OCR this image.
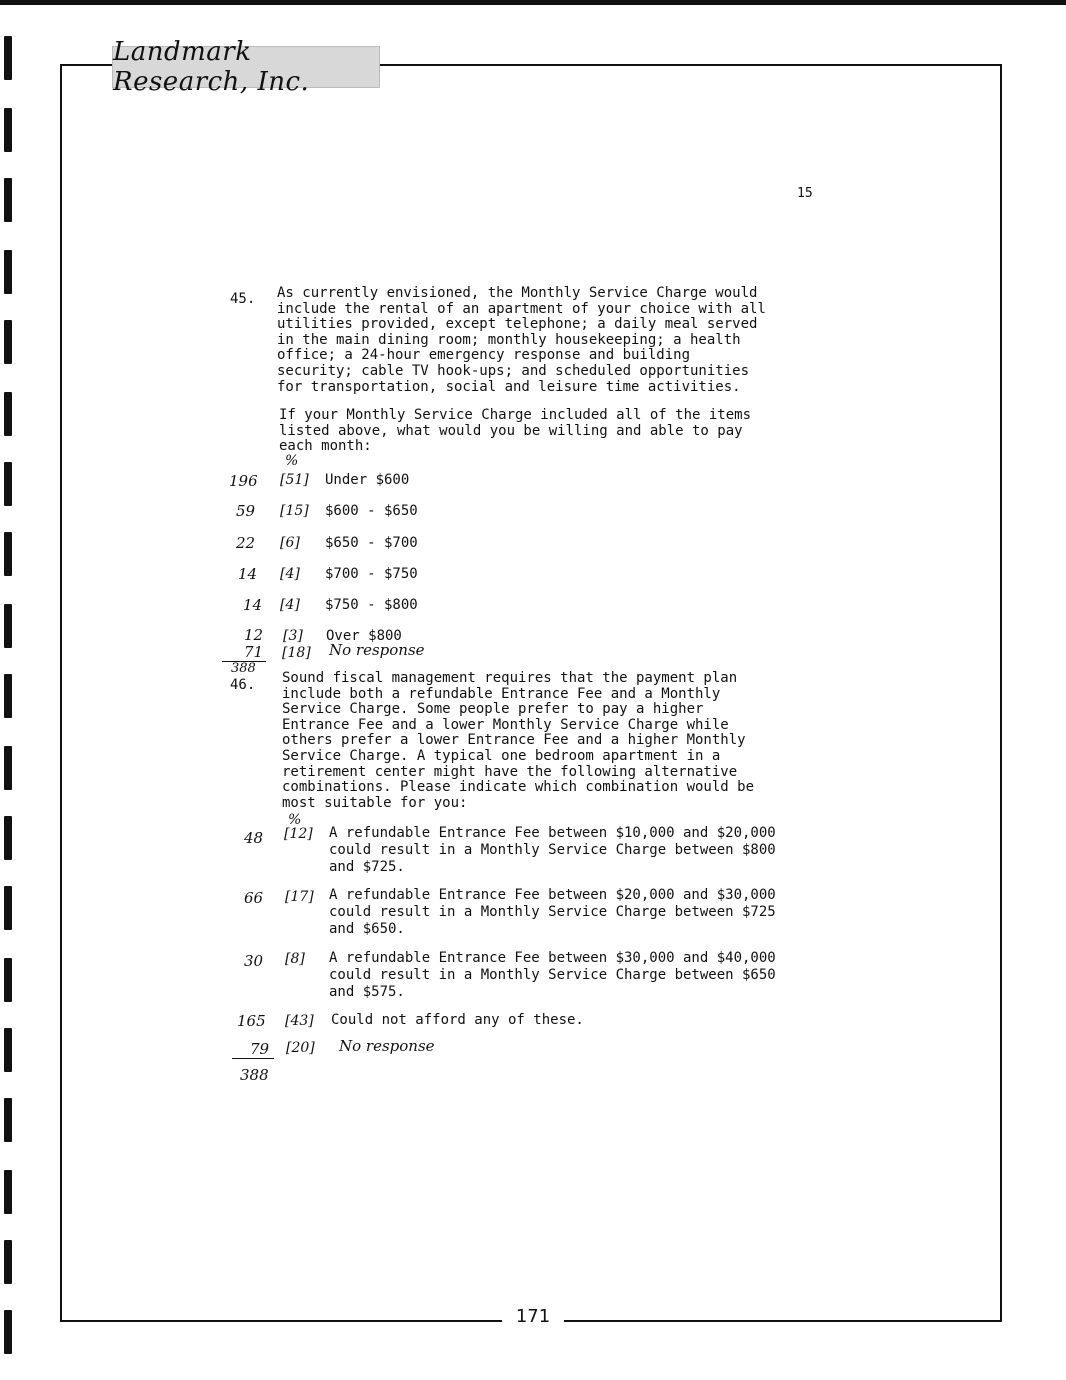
Landmark Research, Inc.
171
15
45. As currently envisioned, the Monthly Service Charge would
include the rental of an apartment of your choice with all
utilities provided, except telephone; a daily meal served
in the main dining room; monthly housekeeping; a health
office; a 24-hour emergency response and building
security; cable TV hook-ups; and scheduled opportunities
for transportation, social and leisure time activities.

If your Monthly Service Charge included all of the items
listed above, what would you be willing and able to pay
each month:

%
196 [51] Under $600
59 [15] $600 - $650
22 [6] $650 - $700
14 [4] $700 - $750
14 [4] $750 - $800
12 [3] Over $800
71 [18] No response
388
46. Sound fiscal management requires that the payment plan
include both a refundable Entrance Fee and a Monthly
Service Charge. Some people prefer to pay a higher
Entrance Fee and a lower Monthly Service Charge while
others prefer a lower Entrance Fee and a higher Monthly
Service Charge. A typical one bedroom apartment in a
retirement center might have the following alternative
combinations. Please indicate which combination would be
most suitable for you:

%
48 [12] A refundable Entrance Fee between $10,000 and $20,000
could result in a Monthly Service Charge between $800
and $725.
66 [17] A refundable Entrance Fee between $20,000 and $30,000
could result in a Monthly Service Charge between $725
and $650.
30 [8] A refundable Entrance Fee between $30,000 and $40,000
could result in a Monthly Service Charge between $650
and $575.
165 [43] Could not afford any of these.
79 [20] No response
388
